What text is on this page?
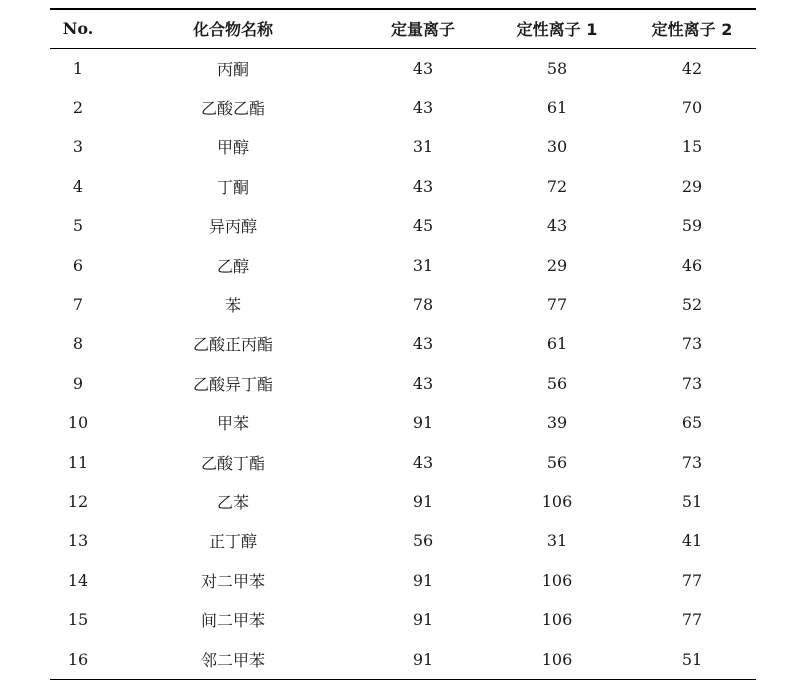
No.	化合物名称	定量离子	定性离子 1	定性离子 2
1	丙酮	43	58	42
2	乙酸乙酯	43	61	70
3	甲醇	31	30	15
4	丁酮	43	72	29
5	异丙醇	45	43	59
6	乙醇	31	29	46
7	苯	78	77	52
8	乙酸正丙酯	43	61	73
9	乙酸异丁酯	43	56	73
10	甲苯	91	39	65
11	乙酸丁酯	43	56	73
12	乙苯	91	106	51
13	正丁醇	56	31	41
14	对二甲苯	91	106	77
15	间二甲苯	91	106	77
16	邻二甲苯	91	106	51
